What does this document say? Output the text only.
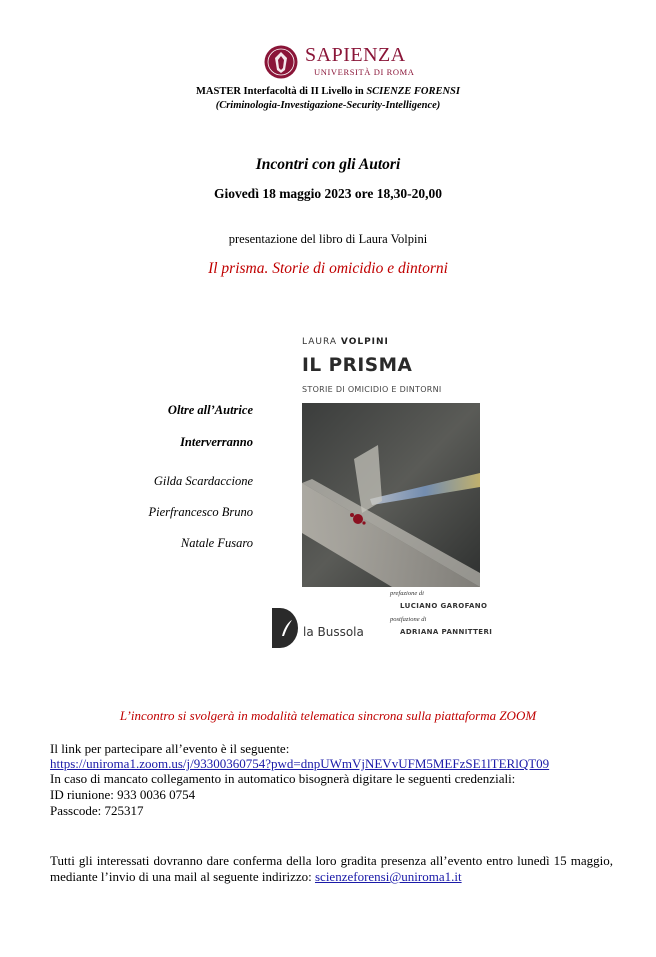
SAPIENZA
UNIVERSITÀ DI ROMA
MASTER Interfacoltà di II Livello in SCIENZE FORENSI
(Criminologia-Investigazione-Security-Intelligence)
Incontri con gli Autori
Giovedì 18 maggio 2023 ore 18,30-20,00
presentazione del libro di Laura Volpini
Il prisma. Storie di omicidio e dintorni
Oltre all’Autrice
Interverranno
Gilda Scardaccione
Pierfrancesco Bruno
Natale Fusaro
LAURA VOLPINI
IL PRISMA
STORIE DI OMICIDIO E DINTORNI
prefazione di
LUCIANO GAROFANO
postfazione di
ADRIANA PANNITTERI
la Bussola
L’incontro si svolgerà in modalità telematica sincrona sulla piattaforma ZOOM
Il link per partecipare all’evento è il seguente:
https://uniroma1.zoom.us/j/93300360754?pwd=dnpUWmVjNEVvUFM5MEFzSE1lTERlQT09
In caso di mancato collegamento in automatico bisognerà digitare le seguenti credenziali:
ID riunione: 933 0036 0754
Passcode: 725317
Tutti gli interessati dovranno dare conferma della loro gradita presenza all’evento entro lunedì 15 maggio, mediante l’invio di una mail al seguente indirizzo: scienzeforensi@uniroma1.it
